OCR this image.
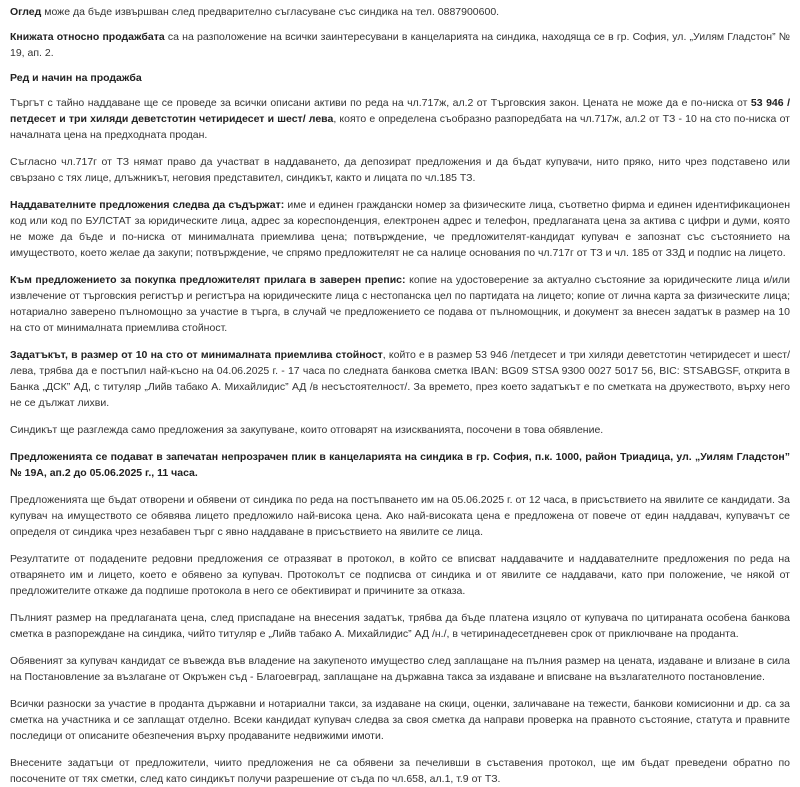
Оглед може да бъде извършван след предварително съгласуване със синдика на тел. 0887900600.

Книжата относно продажбата са на разположение на всички заинтересувани в канцеларията на синдика, находяща се в гр. София, ул. „Уилям Гладстон” № 19, ап. 2.

Ред и начин на продажба

Търгът с тайно наддаване ще се проведе за всички описани активи по реда на чл.717ж, ал.2 от Търговския закон. Цената не може да е по-ниска от 53 946 /петдесет и три хиляди деветстотин четиридесет и шест/ лева, която е определена съобразно разпоредбата на чл.717ж, ал.2 от ТЗ - 10 на сто по-ниска от началната цена на предходната продан.

Съгласно чл.717г от ТЗ нямат право да участват в наддаването, да депозират предложения и да бъдат купувачи, нито пряко, нито чрез подставено или свързано с тях лице, длъжникът, неговия представител, синдикът, както и лицата по чл.185 ТЗ.

Наддавателните предложения следва да съдържат: име и единен граждански номер за физическите лица, съответно фирма и единен идентификационен код или код по БУЛСТАТ за юридическите лица, адрес за кореспонденция, електронен адрес и телефон, предлаганата цена за актива с цифри и думи, която не може да бъде и по-ниска от минималната приемлива цена; потвърждение, че предложителят-кандидат купувач е запознат със състоянието на имуществото, което желае да закупи; потвърждение, че спрямо предложителят не са налице основания по чл.717г от ТЗ и чл. 185 от ЗЗД и подпис на лицето.

Към предложението за покупка предложителят прилага в заверен препис: копие на удостоверение за актуално състояние за юридическите лица и/или извлечение от търговския регистър и регистъра на юридическите лица с нестопанска цел по партидата на лицето; копие от лична карта за физическите лица; нотариално заверено пълномощно за участие в търга, в случай че предложението се подава от пълномощник, и документ за внесен задатък в размер на 10 на сто от минималната приемлива стойност.

Задатъкът, в размер от 10 на сто от минималната приемлива стойност, който е в размер 53 946 /петдесет и три хиляди деветстотин четиридесет и шест/ лева, трябва да е постъпил най-късно на 04.06.2025 г. - 17 часа по следната банкова сметка IBAN: BG09 STSA 9300 0027 5017 56, BIC: STSABGSF, открита в Банка „ДСК” АД, с титуляр „Лийв табако А. Михайлидис” АД /в несъстоятелност/. За времето, през което задатъкът е по сметката на дружеството, върху него не се дължат лихви.

Синдикът ще разглежда само предложения за закупуване, които отговарят на изискванията, посочени в това обявление.

Предложенията се подават в запечатан непрозрачен плик в канцеларията на синдика в гр. София, п.к. 1000, район Триадица, ул. „Уилям Гладстон” № 19А, ап.2 до 05.06.2025 г., 11 часа.

Предложенията ще бъдат отворени и обявени от синдика по реда на постъпването им на 05.06.2025 г. от 12 часа, в присъствието на явилите се кандидати. За купувач на имуществото се обявява лицето предложило най-висока цена. Ако най-високата цена е предложена от повече от един наддавач, купувачът се определя от синдика чрез незабавен търг с явно наддаване в присъствието на явилите се лица.

Резултатите от подадените редовни предложения се отразяват в протокол, в който се вписват наддавачите и наддавателните предложения по реда на отварянето им и лицето, което е обявено за купувач. Протоколът се подписва от синдика и от явилите се наддавачи, като при положение, че някой от предложителите откаже да подпише протокола в него се обективират и причините за отказа.

Пълният размер на предлаганата цена, след приспадане на внесения задатък, трябва да бъде платена изцяло от купувача по цитираната особена банкова сметка в разпореждане на синдика, чийто титуляр е „Лийв табако А. Михайлидис” АД /н./, в четиринадесетдневен срок от приключване на проданта.

Обявеният за купувач кандидат се въвежда във владение на закупеното имущество след заплащане на пълния размер на цената, издаване и влизане в сила на Постановление за възлагане от Окръжен съд - Благоевград, заплащане на държавна такса за издаване и вписване на възлагателното постановление.

Всички разноски за участие в проданта държавни и нотариални такси, за издаване на скици, оценки, заличаване на тежести, банкови комисионни и др. са за сметка на участника и се заплащат отделно. Всеки кандидат купувач следва за своя сметка да направи проверка на правното състояние, статута и правните последици от описаните обезпечения върху продаваните недвижими имоти.

Внесените задатъци от предложители, чиито предложения не са обявени за печеливши в съставения протокол, ще им бъдат преведени обратно по посочените от тях сметки, след като синдикът получи разрешение от съда по чл.658, ал.1, т.9 от ТЗ.
